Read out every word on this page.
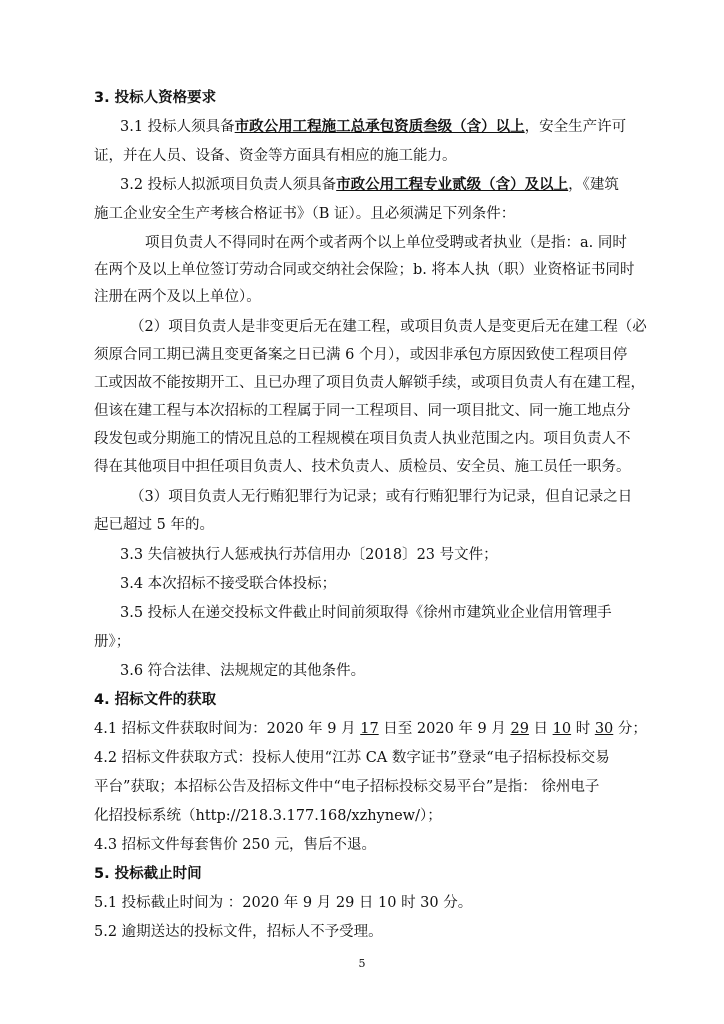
3. 投标人资格要求
3.1 投标人须具备市政公用工程施工总承包资质叁级（含）以上，安全生产许可
证，并在人员、设备、资金等方面具有相应的施工能力。
3.2 投标人拟派项目负责人须具备市政公用工程专业贰级（含）及以上，《建筑
施工企业安全生产考核合格证书》（B 证）。且必须满足下列条件：
项目负责人不得同时在两个或者两个以上单位受聘或者执业（是指：a. 同时
在两个及以上单位签订劳动合同或交纳社会保险；b. 将本人执（职）业资格证书同时
注册在两个及以上单位）。
（2）项目负责人是非变更后无在建工程，或项目负责人是变更后无在建工程（必
须原合同工期已满且变更备案之日已满 6 个月），或因非承包方原因致使工程项目停
工或因故不能按期开工、且已办理了项目负责人解锁手续，或项目负责人有在建工程，
但该在建工程与本次招标的工程属于同一工程项目、同一项目批文、同一施工地点分
段发包或分期施工的情况且总的工程规模在项目负责人执业范围之内。项目负责人不
得在其他项目中担任项目负责人、技术负责人、质检员、安全员、施工员任一职务。
（3）项目负责人无行贿犯罪行为记录；或有行贿犯罪行为记录，但自记录之日
起已超过 5 年的。
3.3 失信被执行人惩戒执行苏信用办〔2018〕23 号文件；
3.4 本次招标不接受联合体投标；
3.5 投标人在递交投标文件截止时间前须取得《徐州市建筑业企业信用管理手
册》；
3.6 符合法律、法规规定的其他条件。
4. 招标文件的获取
4.1 招标文件获取时间为：2020 年 9 月 17 日至 2020 年 9 月 29 日 10 时 30 分；
4.2 招标文件获取方式：投标人使用“江苏 CA 数字证书”登录“电子招标投标交易
平台”获取；本招标公告及招标文件中“电子招标投标交易平台”是指： 徐州电子
化招投标系统（http://218.3.177.168/xzhynew/）；
4.3 招标文件每套售价 250 元，售后不退。
5. 投标截止时间
5.1 投标截止时间为 ：2020 年 9 月 29 日 10 时 30 分。
5.2 逾期送达的投标文件，招标人不予受理。
5
